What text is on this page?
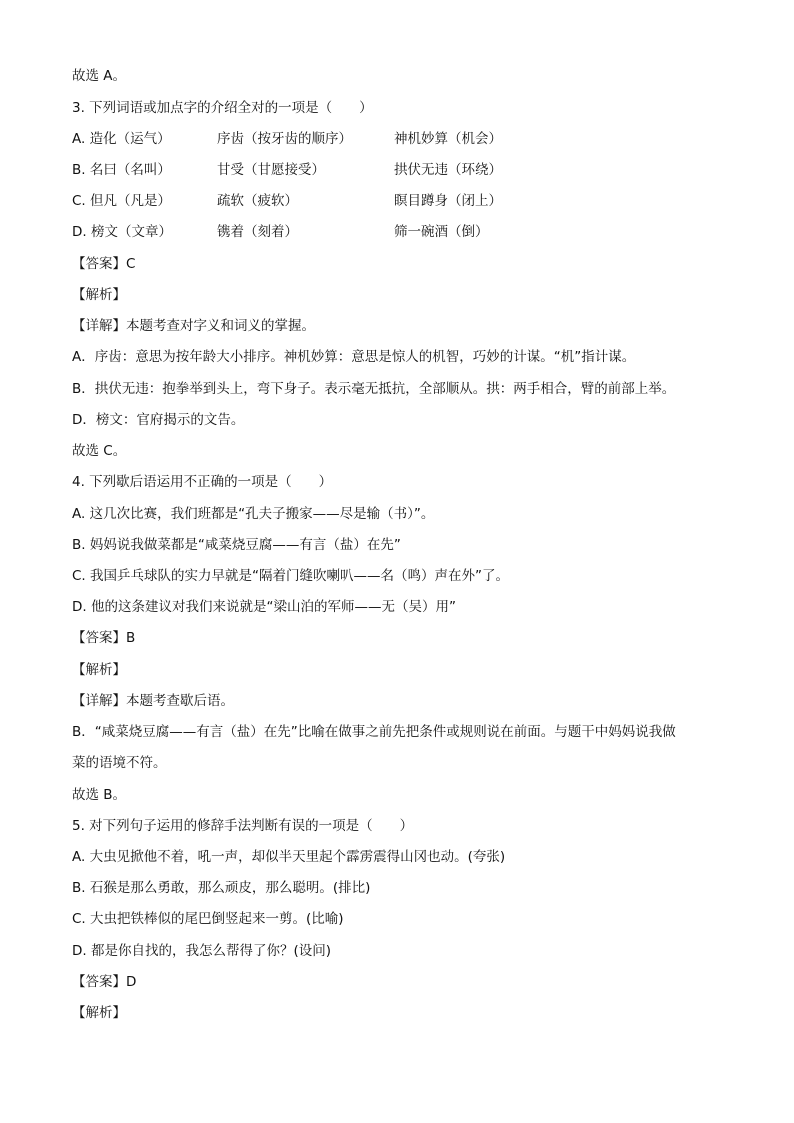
故选 A。
3. 下列词语或加点字的介绍全对的一项是（　　）
A. 造化（运气）	序齿（按牙齿的顺序）	神机妙算（机会）
B. 名曰（名叫）	甘受（甘愿接受）	拱伏无违（环绕）
C. 但凡（凡是）	疏软（疲软）	瞑目蹲身（闭上）
D. 榜文（文章）	镌着（刻着）	筛一碗酒（倒）
【答案】C
【解析】
【详解】本题考查对字义和词义的掌握。
A．序齿：意思为按年龄大小排序。神机妙算：意思是惊人的机智，巧妙的计谋。“机”指计谋。
B．拱伏无违：抱拳举到头上，弯下身子。表示毫无抵抗，全部顺从。拱：两手相合，臂的前部上举。
D．榜文：官府揭示的文告。
故选 C。
4. 下列歇后语运用不正确的一项是（　　）
A. 这几次比赛，我们班都是“孔夫子搬家——尽是输（书）”。
B. 妈妈说我做菜都是“咸菜烧豆腐——有言（盐）在先”
C. 我国乒乓球队的实力早就是“隔着门缝吹喇叭——名（鸣）声在外”了。
D. 他的这条建议对我们来说就是“梁山泊的军师——无（吴）用”
【答案】B
【解析】
【详解】本题考查歇后语。
B．“咸菜烧豆腐——有言（盐）在先”比喻在做事之前先把条件或规则说在前面。与题干中妈妈说我做
菜的语境不符。
故选 B。
5. 对下列句子运用的修辞手法判断有误的一项是（　　）
A. 大虫见掀他不着，吼一声，却似半天里起个霹雳震得山冈也动。(夸张)
B. 石猴是那么勇敢，那么顽皮，那么聪明。(排比)
C. 大虫把铁棒似的尾巴倒竖起来一剪。(比喻)
D. 都是你自找的，我怎么帮得了你？(设问)
【答案】D
【解析】
